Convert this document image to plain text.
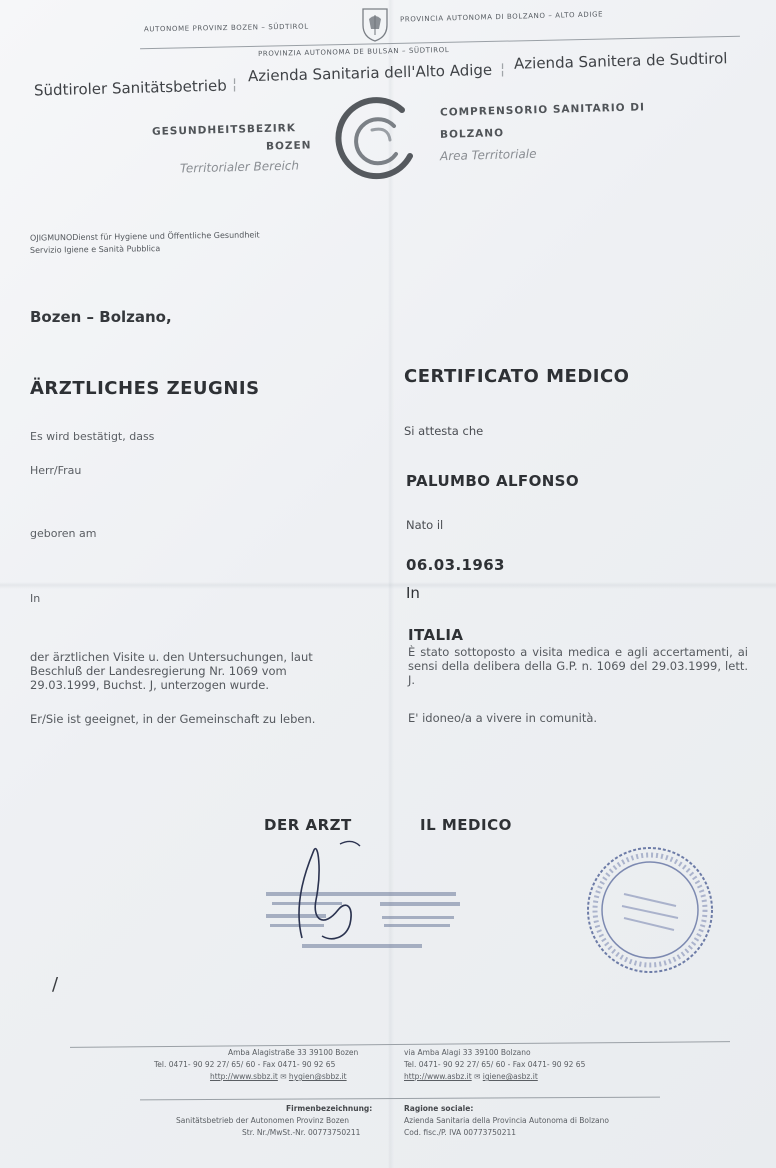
AUTONOME PROVINZ BOZEN – SÜDTIROL
PROVINCIA AUTONOMA DI BOLZANO – ALTO ADIGE
PROVINZIA AUTONOMA DE BULSAN – SÜDTIROL
Südtiroler Sanitätsbetrieb ¦ Azienda Sanitaria dell'Alto Adige ¦ Azienda Sanitera de Sudtirol
GESUNDHEITSBEZIRK
BOZEN
Territorialer Bereich
COMPRENSORIO SANITARIO DI
BOLZANO
Area Territoriale
OJIGMUNODienst für Hygiene und Öffentliche Gesundheit
Servizio Igiene e Sanità Pubblica
Bozen – Bolzano,
ÄRZTLICHES ZEUGNIS
Es wird bestätigt, dass
Herr/Frau
geboren am
In
der ärztlichen Visite u. den Untersuchungen, laut Beschluß der Landesregierung Nr. 1069 vom 29.03.1999, Buchst. J, unterzogen wurde.
Er/Sie ist geeignet, in der Gemeinschaft zu leben.
CERTIFICATO MEDICO
Si attesta che
PALUMBO ALFONSO
Nato il
06.03.1963
In
ITALIA
È stato sottoposto a visita medica e agli accertamenti, ai sensi della delibera della G.P. n. 1069 del 29.03.1999, lett. J.
E' idoneo/a a vivere in comunità.
DER ARZT	IL MEDICO
/
Amba Alagistraße 33 39100 Bozen
Tel. 0471- 90 92 27/ 65/ 60 - Fax 0471- 90 92 65
http://www.sbbz.it ✉ hygien@sbbz.it
via Amba Alagi 33 39100 Bolzano
Tel. 0471- 90 92 27/ 65/ 60 - Fax 0471- 90 92 65
http://www.asbz.it ✉ igiene@asbz.it
Firmenbezeichnung:
Sanitätsbetrieb der Autonomen Provinz Bozen
Str. Nr./MwSt.-Nr. 00773750211
Ragione sociale:
Azienda Sanitaria della Provincia Autonoma di Bolzano
Cod. fisc./P. IVA 00773750211
